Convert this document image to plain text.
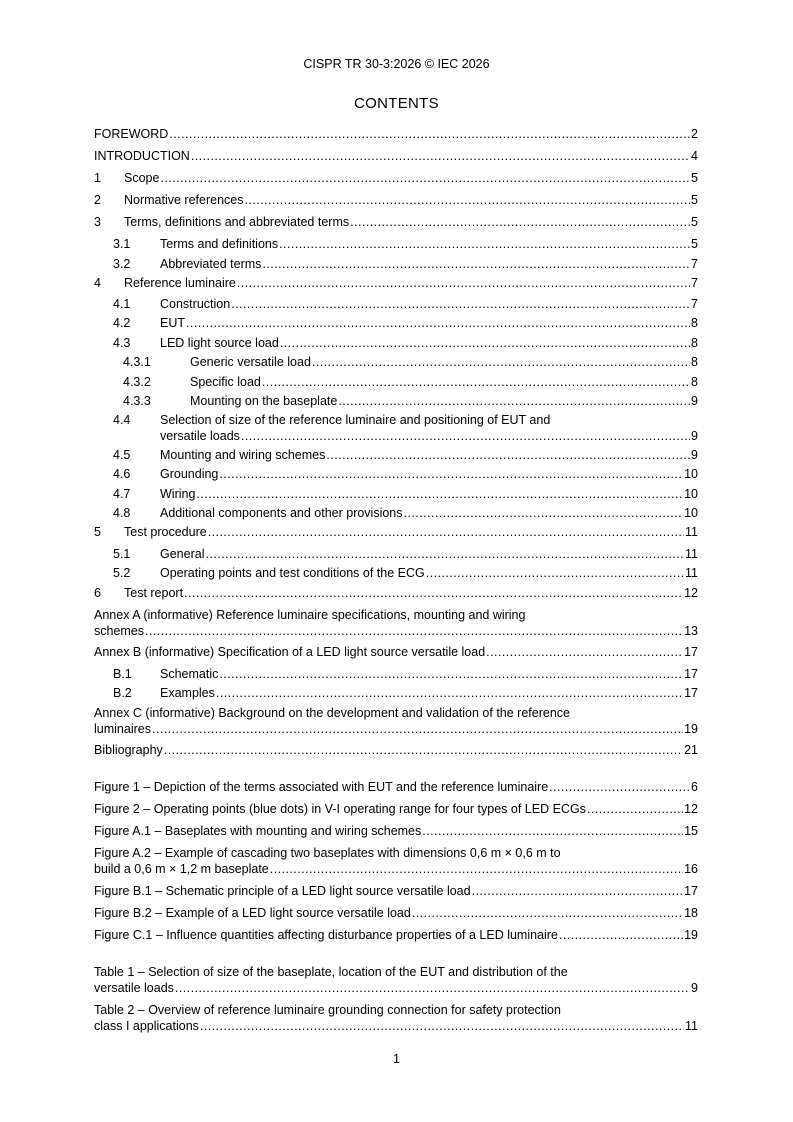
CISPR TR 30-3:2026 © IEC 2026
CONTENTS
FOREWORD .....	2
INTRODUCTION .....	4
1	Scope .....	5
2	Normative references .....	5
3	Terms, definitions and abbreviated terms .....	5
3.1	Terms and definitions .....	5
3.2	Abbreviated terms .....	7
4	Reference luminaire .....	7
4.1	Construction .....	7
4.2	EUT .....	8
4.3	LED light source load .....	8
4.3.1	Generic versatile load .....	8
4.3.2	Specific load .....	8
4.3.3	Mounting on the baseplate .....	9
4.4 Selection of size of the reference luminaire and positioning of EUT and
versatile loads .....	9
4.5	Mounting and wiring schemes .....	9
4.6	Grounding .....	10
4.7	Wiring .....	10
4.8	Additional components and other provisions .....	10
5	Test procedure .....	11
5.1	General .....	11
5.2	Operating points and test conditions of the ECG .....	11
6	Test report .....	12
Annex A (informative) Reference luminaire specifications, mounting and wiring
schemes .....	13
Annex B (informative) Specification of a LED light source versatile load .....	17
B.1	Schematic .....	17
B.2	Examples .....	17
Annex C (informative) Background on the development and validation of the reference
luminaires .....	19
Bibliography .....	21
Figure 1 – Depiction of the terms associated with EUT and the reference luminaire .....	6
Figure 2 – Operating points (blue dots) in V-I operating range for four types of LED ECGs .....	12
Figure A.1 – Baseplates with mounting and wiring schemes .....	15
Figure A.2 – Example of cascading two baseplates with dimensions 0,6 m × 0,6 m to
build a 0,6 m × 1,2 m baseplate .....	16
Figure B.1 – Schematic principle of a LED light source versatile load .....	17
Figure B.2 – Example of a LED light source versatile load .....	18
Figure C.1 – Influence quantities affecting disturbance properties of a LED luminaire .....	19
Table 1 – Selection of size of the baseplate, location of the EUT and distribution of the
versatile loads .....	9
Table 2 – Overview of reference luminaire grounding connection for safety protection
class I applications .....	11
1
